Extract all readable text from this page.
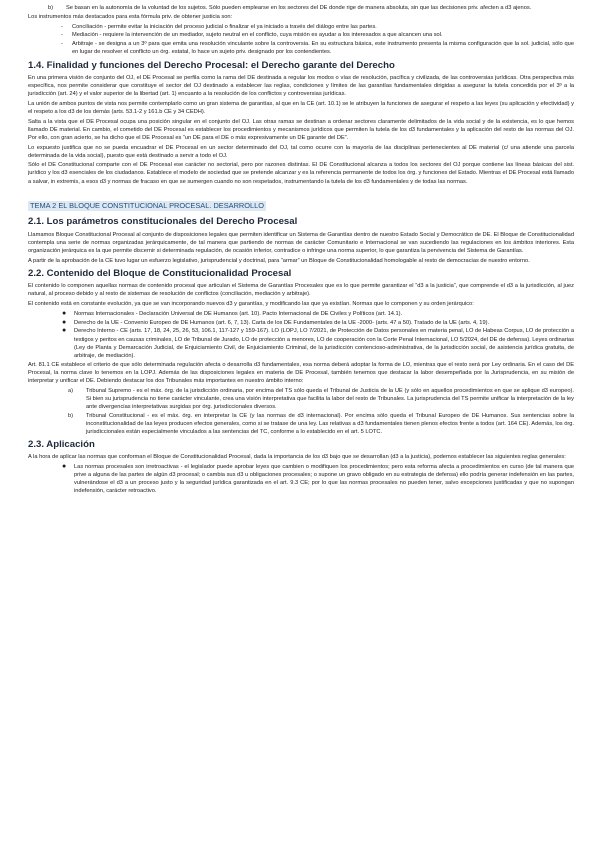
b) Se basan en la autonomía de la voluntad de los sujetos. Sólo pueden emplearse en los sectores del DE donde rige de manera absoluta, sin que las decisiones priv. afecten a d3 ajenos.

Los instrumentos más destacados para esta fórmula priv. de obtener justicia son:

- Conciliación - permite evitar la iniciación del proceso judicial o finalizar el ya iniciado a través del diálogo entre las partes.
- Mediación - requiere la intervención de un mediador, sujeto neutral en el conflicto, cuya misión es ayudar a los interesados a que alcancen una sol.
- Arbitraje - se designa a un 3º para que emita una resolución vinculante sobre la controversia. En su estructura básica, este instrumento presenta la misma configuración que la sol. judicial, sólo que en lugar de resolver el conflicto un órg. estatal, lo hace un sujeto priv. designado por los contendientes.
1.4. Finalidad y funciones del Derecho Procesal: el Derecho garante del Derecho

En una primera visión de conjunto del OJ, el DE Procesal se perfila como la rama del DE destinada a regular los modos o vías de resolución, pacífica y civilizada, de las controversias jurídicas. Otra perspectiva más específica, nos permite considerar que constituye el sector del OJ destinado a establecer las reglas, condiciones y límites de las garantías fundamentales dirigidas a asegurar la tutela concedida por el 3º a la jurisdicción (art. 24) y el valor superior de la libertad (art. 1) encuanto a la resolución de los conflictos y controversias jurídicas.

La unión de ambos puntos de vista nos permite contemplarlo como un gran sistema de garantías, al que en la CE (art. 10.1) se le atribuyen la funciones de asegurar el respeto a las leyes (su aplicación y efectividad) y el respeto a los d3 de los demás (arts. 53.1-2 y 161.b CE y 34 CEDH).

Salta a la vista que el DE Procesal ocupa una posición singular en el conjunto del OJ. Las otras ramas se destinan a ordenar sectores claramente delimitados de la vida social y de la existencia, es lo que hemos llamado DE material. En cambio, el cometido del DE Procesal es establecer los procedimientos y mecanismos jurídicos que permiten la tutela de los d3 fundamentales y la aplicación del resto de las normas del OJ. Por ello, con gran acierto, se ha dicho que el DE Procesal es “un DE para el DE o más expresivamente un DE garante del DE”.

Lo expuesto justifica que no se pueda encuadrar el DE Procesal en un sector determinado del OJ, tal como ocurre con la mayoría de las disciplinas pertenecientes al DE material (c/ una atiende una parcela determinada de la vida social), puesto que está destinado a servir a todo el OJ.

Sólo el DE Constitucional comparte con el DE Procesal ese carácter no sectorial, pero por razones distintas. El DE Constitucional alcanza a todos los sectores del OJ porque contiene las líneas básicas del sist. jurídico y los d3 esenciales de los ciudadanos. Establece el modelo de sociedad que se pretende alcanzar y es la referencia permanente de todos los órg. y funciones del Estado. Mientras el DE Procesal está llamado a salvar, in extremis, a esos d3 y normas de fracaso en que se sumergen cuando no son respetados, instrumentando la tutela de los d3 fundamentales y de todas las normas.

TEMA 2 EL BLOQUE CONSTITUCIONAL PROCESAL. DESARROLLO
2.1. Los parámetros constitucionales del Derecho Procesal

Llamamos Bloque Constitucional Procesal al conjunto de disposiciones legales que permiten identificar un Sistema de Garantías dentro de nuestro Estado Social y Democrático de DE. El Bloque de Constitucionalidad contempla una serie de normas organizadas jerárquicamente, de tal manera que partiendo de normas de carácter Comunitario e Internacional se van sucediendo las regulaciones en los ámbitos interiores. Esta organización jerárquica es la que permite discernir si determinada regulación, de ocasión inferior, contradice o infringe una norma superior, lo que garantiza la pervivencia del Sistema de Garantías.

A partir de la aprobación de la CE tuvo lugar un esfuerzo legislativo, jurisprudencial y doctrinal, para “armar” un Bloque de Constitucionalidad homologable al resto de democracias de nuestro entorno.

2.2. Contenido del Bloque de Constitucionalidad Procesal

El contenido lo componen aquellas normas de contenido procesal que articulan el Sistema de Garantías Procesales que es lo que permite garantizar el “d3 a la justicia”, que comprende el d3 a la jurisdicción, al juez natural, al proceso debido y al resto de sistemas de resolución de conflictos (conciliación, mediación y arbitraje).

El contenido está en constante evolución, ya que se van incorporando nuevos d3 y garantías, y modificando las que ya existían. Normas que lo componen y su orden jerárquico:

● Normas Internacionales - Declaración Universal de DE Humanos (art. 10). Pacto Internacional de DE Civiles y Políticos (art. 14.1).
● Derecho de la UE - Convenio Europeo de DE Humanos (art. 6, 7, 13). Carta de los DE Fundamentales de la UE -2000- (arts. 47 a 50). Tratado de la UE (arts. 4, 19).
● Derecho Interno - CE (arts. 17, 18, 24, 25, 26, 53, 106.1, 117-127 y 159-167). LO (LOPJ, LO 7/2021, de Protección de Datos personales en materia penal, LO de Habeas Corpus, LO de protección a testigos y peritos en causas criminales, LO de Tribunal de Jurado, LO de protección a menores, LO de cooperación con la Corte Penal Internacional, LO 5/2024, del DE de defensa). Leyes ordinarias (Ley de Planta y Demarcación Judicial, de Enjuiciamiento Civil, de Enjuiciamiento Criminal, de la jurisdicción contencioso-administrativa, de la jurisdicción social, de asistencia jurídica gratuita, de arbitraje, de mediación).

Art. 81.1 CE establece el criterio de que sólo determinada regulación afecta o desarrolla d3 fundamentales, esa norma deberá adoptar la forma de LO, mientras que el resto será por Ley ordinaria. En el caso del DE Procesal, la norma clave lo tenemos en la LOPJ. Además de las disposiciones legales en materia de DE Procesal, también tenemos que destacar la labor desempeñada por la Jurisprudencia, en su misión de interpretar y unificar el DE. Debiendo destacar los dos Tribunales más importantes en nuestro ámbito interno:

a) Tribunal Supremo - es el máx. órg. de la jurisdicción ordinaria, por encima del TS sólo queda el Tribunal de Justicia de la UE (y sólo en aquellos procedimientos en que se aplique d3 europeo). Si bien su jurisprudencia no tiene carácter vinculante, crea una visión interpretativa que facilita la labor del resto de Tribunales. La jurisprudencia del TS permite unificar la interpretación de la ley ante divergencias interpretativas surgidas por órg. jurisdiccionales diversos.
b) Tribunal Constitucional - es el máx. órg. en interpretar la CE (y las normas de d3 internacional). Por encima sólo queda el Tribunal Europeo de DE Humanos. Sus sentencias sobre la inconstitucionalidad de las leyes producen efectos generales, como si se tratase de una ley. Las relativas a d3 fundamentales tienen plenos efectos frente a todos (art. 164 CE). Además, los órg. jurisdiccionales están especialmente vinculados a las sentencias del TC, conforme a lo establecido en el art. 5 LOTC.
2.3. Aplicación

A la hora de aplicar las normas que conforman el Bloque de Constitucionalidad Procesal, dada la importancia de los d3 bajo que se desarrollan (d3 a la justicia), podemos establecer las siguientes reglas generales:

● Las normas procesales son irretroactivas - el legislador puede aprobar leyes que cambien o modifiquen los procedimientos; pero esta reforma afecta a procedimientos en curso (de tal manera que prive a alguna de las partes de algún d3 procesal; o cambia sus d3 u obligaciones procesales; o supone un gravo obligado en su estrategia de defensa) ello podría generar indefensión en las partes, vulnerándose el d3 a un proceso justo y la seguridad jurídica garantizada en el art. 9.3 CE; por lo que las normas procesales no pueden tener, salvo excepciones justificadas y que no supongan indefensión, carácter retroactivo.
